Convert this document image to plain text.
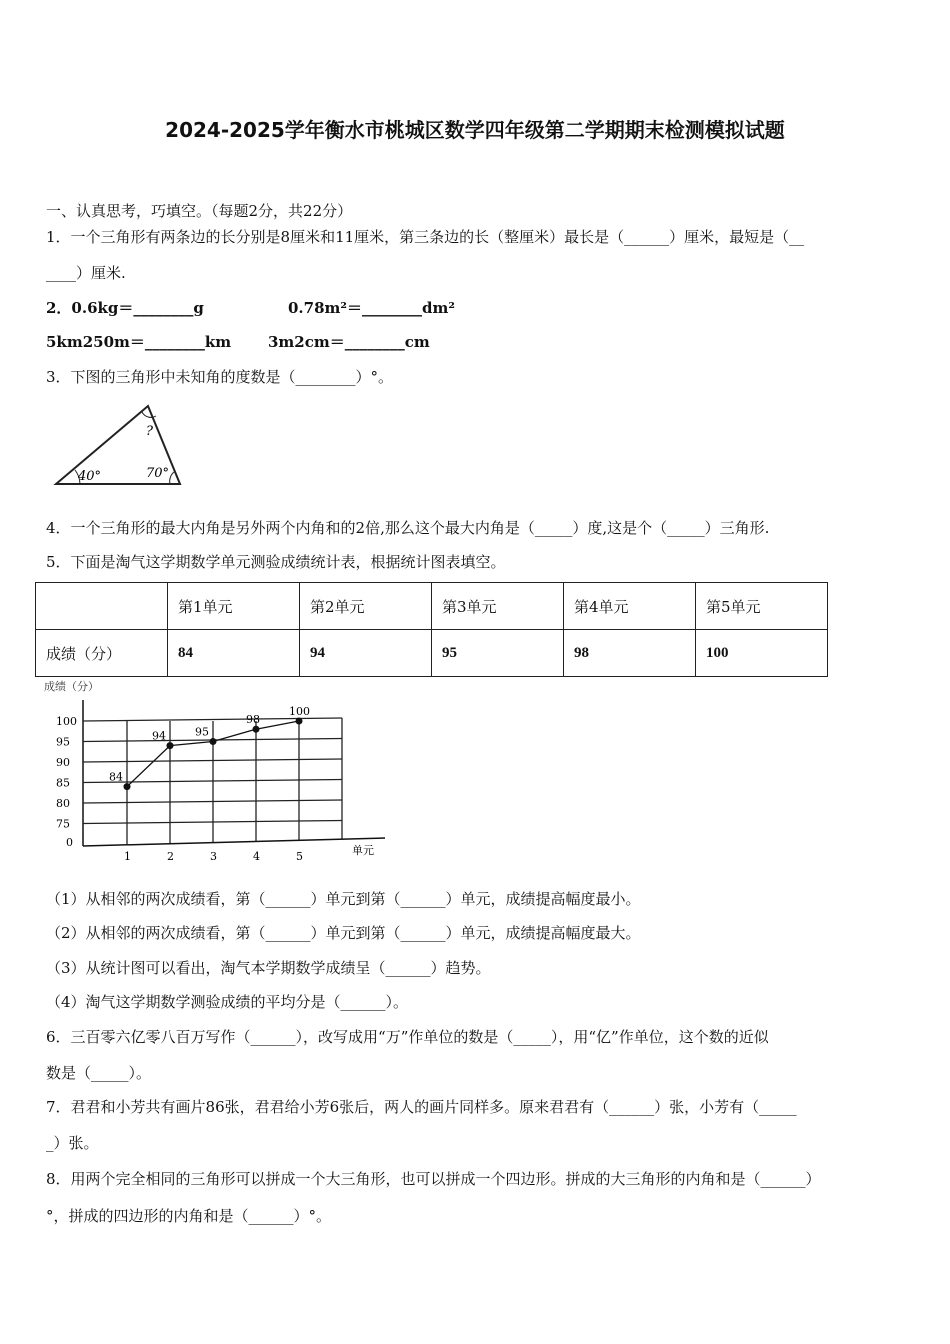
2024-2025学年衡水市桃城区数学四年级第二学期期末检测模拟试题
一、认真思考，巧填空。（每题2分，共22分）
1．一个三角形有两条边的长分别是8厘米和11厘米，第三条边的长（整厘米）最长是（______）厘米，最短是（__
____）厘米.
2．0.6kg＝________g	0.78m²＝________dm²
5km250m＝________km 3m2cm＝________cm
3．下图的三角形中未知角的度数是（________）°。
40°	70°
?
4．一个三角形的最大内角是另外两个内角和的2倍,那么这个最大内角是（_____）度,这是个（_____）三角形.
5．下面是淘气这学期数学单元测验成绩统计表，根据统计图表填空。
	第1单元	第2单元	第3单元	第4单元	第5单元
成绩（分）	84	94	95	98	100
成绩（分）
单元
1	2	3	4	5
0
75
80
85
90
95
100
84
94	95
98
100
（1）从相邻的两次成绩看，第（______）单元到第（______）单元，成绩提高幅度最小。
（2）从相邻的两次成绩看，第（______）单元到第（______）单元，成绩提高幅度最大。
（3）从统计图可以看出，淘气本学期数学成绩呈（______）趋势。
（4）淘气这学期数学测验成绩的平均分是（______）。
6．三百零六亿零八百万写作（______），改写成用“万”作单位的数是（_____），用“亿”作单位，这个数的近似
数是（_____）。
7．君君和小芳共有画片86张，君君给小芳6张后，两人的画片同样多。原来君君有（______）张，小芳有（_____
_）张。
8．用两个完全相同的三角形可以拼成一个大三角形，也可以拼成一个四边形。拼成的大三角形的内角和是（______）
°，拼成的四边形的内角和是（______）°。
